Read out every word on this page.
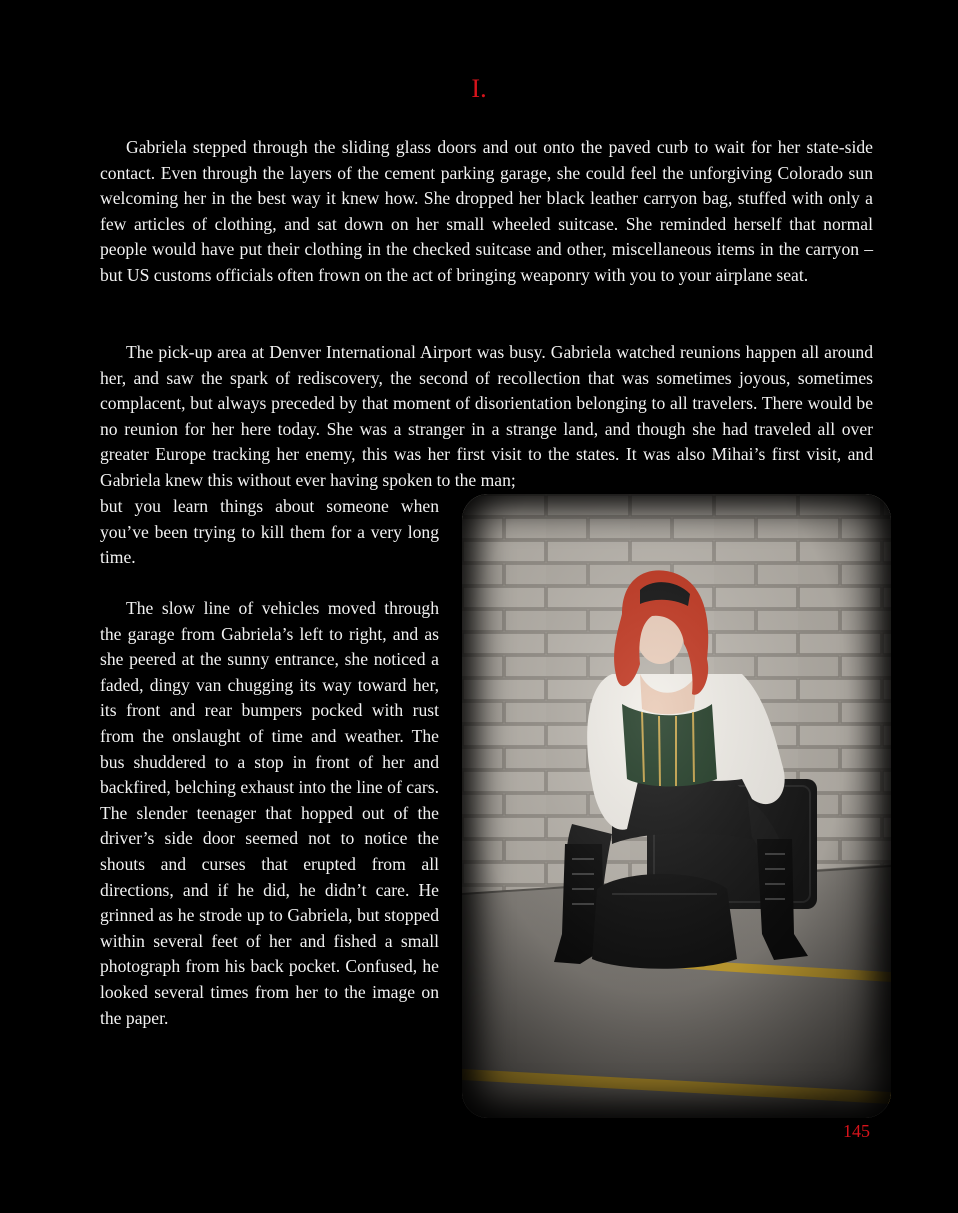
I.

Gabriela stepped through the sliding glass doors and out onto the paved curb to wait for her state-side contact. Even through the layers of the cement parking garage, she could feel the unforgiving Colorado sun welcoming her in the best way it knew how. She dropped her black leather carryon bag, stuffed with only a few articles of clothing, and sat down on her small wheeled suitcase. She reminded herself that normal people would have put their clothing in the checked suitcase and other, miscellaneous items in the carryon – but US customs officials often frown on the act of bringing weaponry with you to your airplane seat.

The pick-up area at Denver International Airport was busy. Gabriela watched reunions happen all around her, and saw the spark of rediscovery, the second of recollection that was sometimes joyous, sometimes complacent, but always preceded by that moment of disorientation belonging to all travelers. There would be no reunion for her here today. She was a stranger in a strange land, and though she had traveled all over greater Europe tracking her enemy, this was her first visit to the states. It was also Mihai’s first visit, and Gabriela knew this without ever having spoken to the man;

but you learn things about someone when you’ve been trying to kill them for a very long time.

The slow line of vehicles moved through the garage from Gabriela’s left to right, and as she peered at the sunny entrance, she noticed a faded, dingy van chugging its way toward her, its front and rear bumpers pocked with rust from the onslaught of time and weather. The bus shuddered to a stop in front of her and backfired, belching exhaust into the line of cars. The slender teenager that hopped out of the driver’s side door seemed not to notice the shouts and curses that erupted from all directions, and if he did, he didn’t care. He grinned as he strode up to Gabriela, but stopped within several feet of her and fished a small photograph from his back pocket. Confused, he looked several times from her to the image on the paper.

145
